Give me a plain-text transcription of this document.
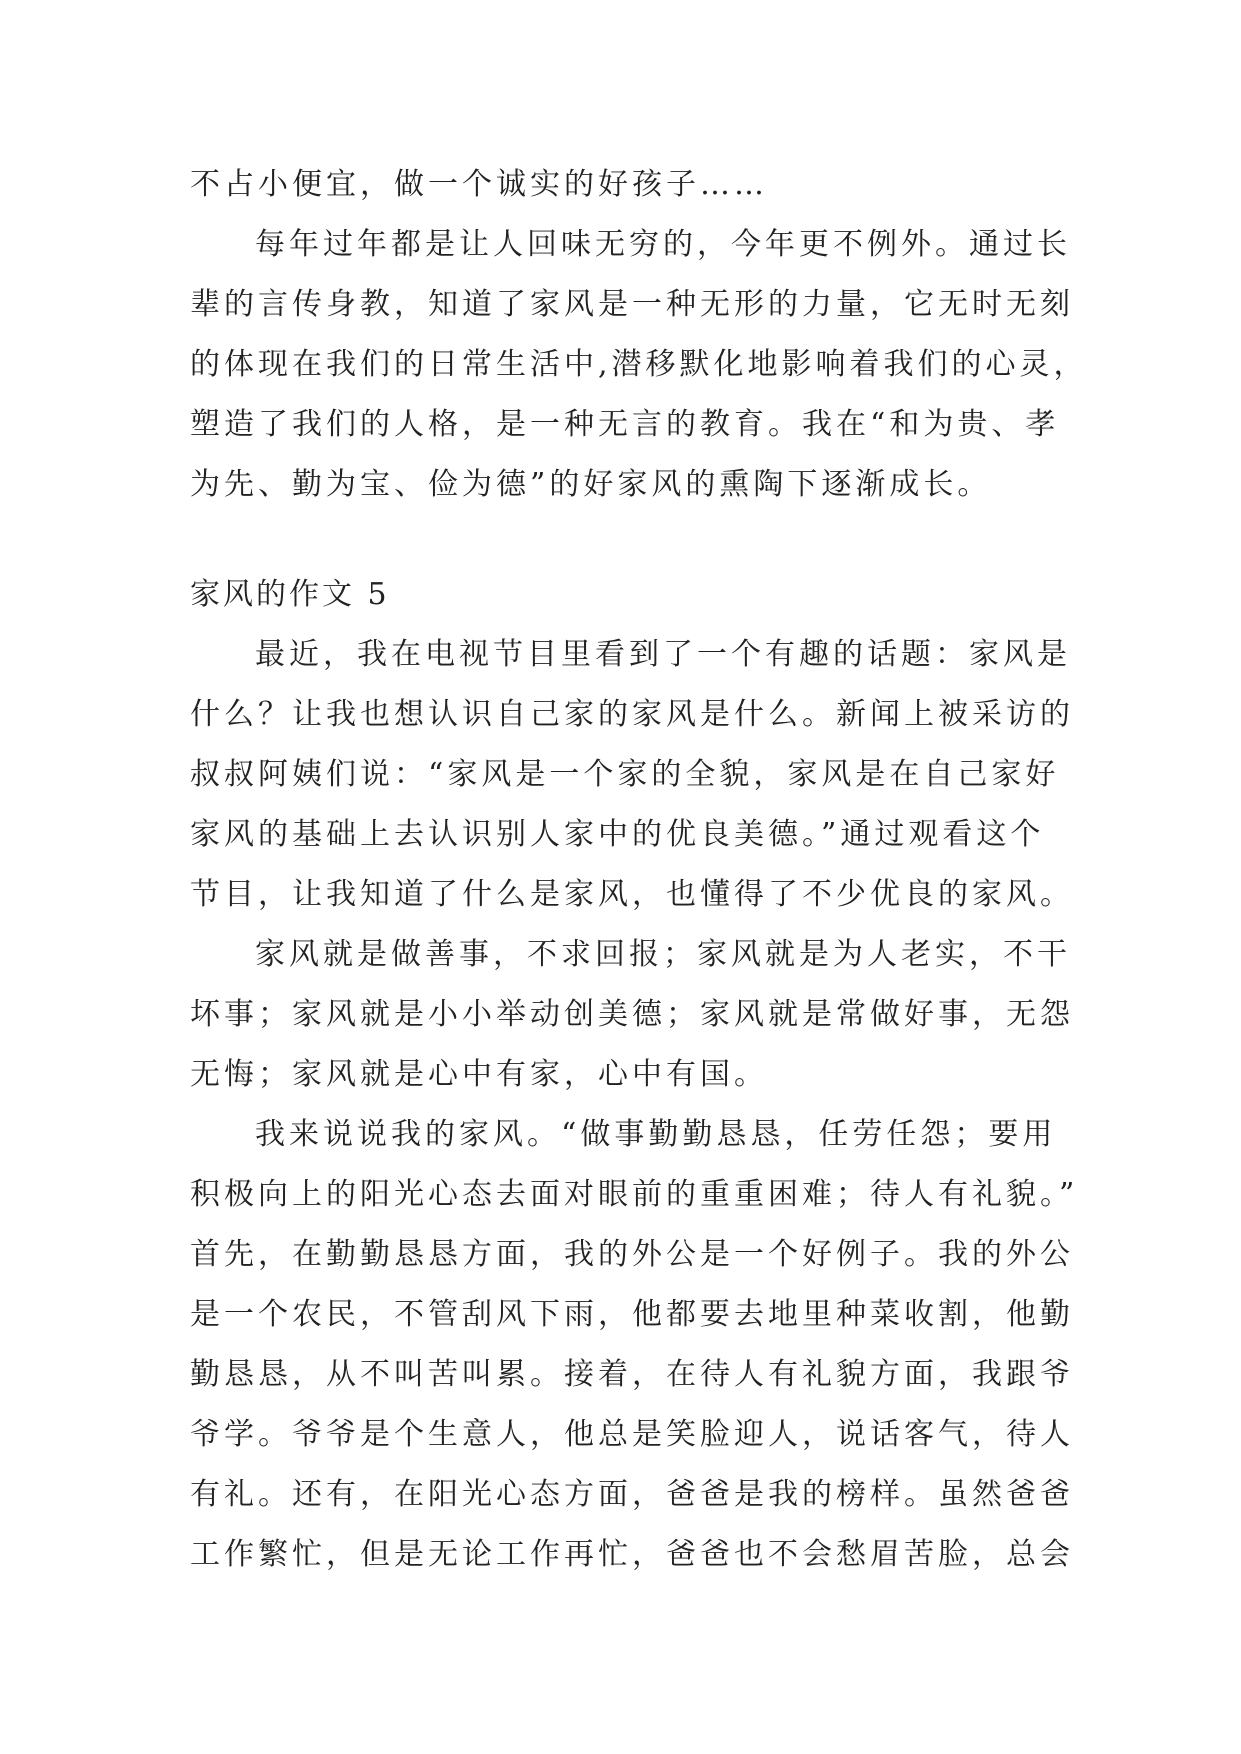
不占小便宜，做一个诚实的好孩子……

每年过年都是让人回味无穷的，今年更不例外。通过长

辈的言传身教，知道了家风是一种无形的力量，它无时无刻

的体现在我们的日常生活中,潜移默化地影响着我们的心灵，

塑造了我们的人格，是一种无言的教育。我在“和为贵、孝

为先、勤为宝、俭为德”的好家风的熏陶下逐渐成长。

家风的作文 5

最近，我在电视节目里看到了一个有趣的话题：家风是

什么？让我也想认识自己家的家风是什么。新闻上被采访的

叔叔阿姨们说：“家风是一个家的全貌，家风是在自己家好

家风的基础上去认识别人家中的优良美德。”通过观看这个

节目，让我知道了什么是家风，也懂得了不少优良的家风。

家风就是做善事，不求回报；家风就是为人老实，不干

坏事；家风就是小小举动创美德；家风就是常做好事，无怨

无悔；家风就是心中有家，心中有国。

我来说说我的家风。“做事勤勤恳恳，任劳任怨；要用

积极向上的阳光心态去面对眼前的重重困难；待人有礼貌。”

首先，在勤勤恳恳方面，我的外公是一个好例子。我的外公

是一个农民，不管刮风下雨，他都要去地里种菜收割，他勤

勤恳恳，从不叫苦叫累。接着，在待人有礼貌方面，我跟爷

爷学。爷爷是个生意人，他总是笑脸迎人，说话客气，待人

有礼。还有，在阳光心态方面，爸爸是我的榜样。虽然爸爸

工作繁忙，但是无论工作再忙，爸爸也不会愁眉苦脸，总会
